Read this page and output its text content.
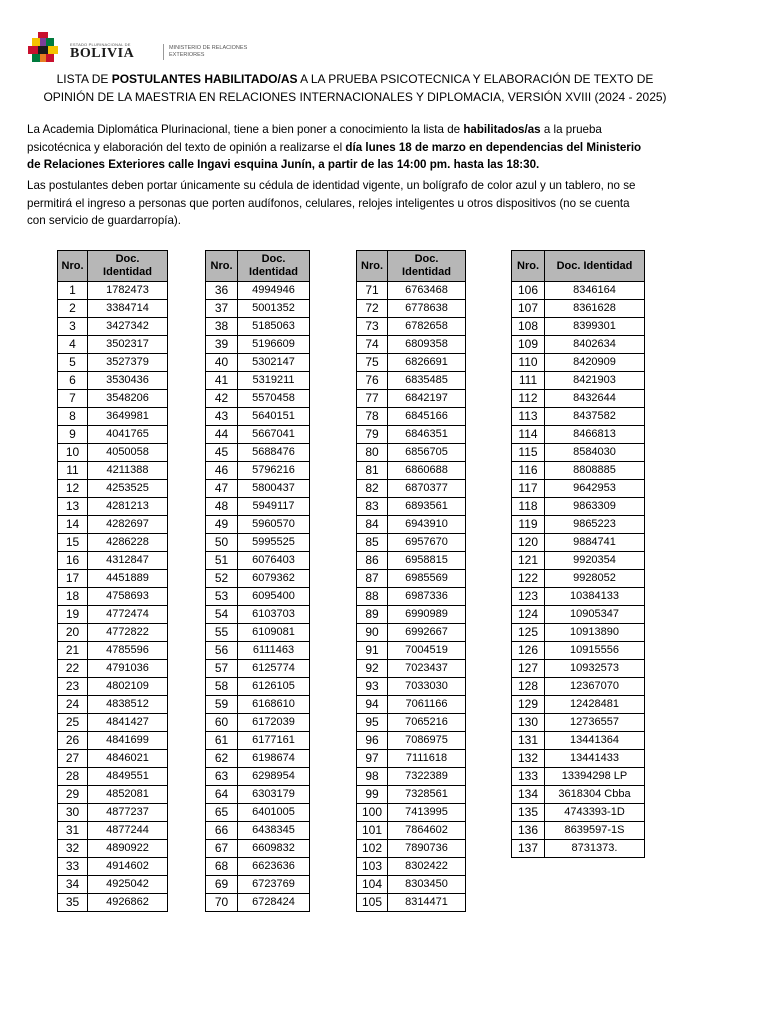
ESTADO PLURINACIONAL DE
BOLIVIA	MINISTERIO DE RELACIONES EXTERIORES
LISTA DE POSTULANTES HABILITADO/AS A LA PRUEBA PSICOTECNICA Y ELABORACIÓN DE TEXTO DE OPINIÓN DE LA MAESTRIA EN RELACIONES INTERNACIONALES Y DIPLOMACIA, VERSIÓN XVIII (2024 - 2025)
La Academia Diplomática Plurinacional, tiene a bien poner a conocimiento la lista de habilitados/as a la prueba psicotécnica y elaboración del texto de opinión a realizarse el día lunes 18 de marzo en dependencias del Ministerio de Relaciones Exteriores calle Ingavi esquina Junín, a partir de las 14:00 pm. hasta las 18:30.
Las postulantes deben portar únicamente su cédula de identidad vigente, un bolígrafo de color azul y un tablero, no se permitirá el ingreso a personas que porten audífonos, celulares, relojes inteligentes u otros dispositivos (no se cuenta con servicio de guardarropía).
Nro.	Doc. Identidad
1	1782473
2	3384714
3	3427342
4	3502317
5	3527379
6	3530436
7	3548206
8	3649981
9	4041765
10	4050058
11	4211388
12	4253525
13	4281213
14	4282697
15	4286228
16	4312847
17	4451889
18	4758693
19	4772474
20	4772822
21	4785596
22	4791036
23	4802109
24	4838512
25	4841427
26	4841699
27	4846021
28	4849551
29	4852081
30	4877237
31	4877244
32	4890922
33	4914602
34	4925042
35	4926862
Nro.	Doc. Identidad
36	4994946
37	5001352
38	5185063
39	5196609
40	5302147
41	5319211
42	5570458
43	5640151
44	5667041
45	5688476
46	5796216
47	5800437
48	5949117
49	5960570
50	5995525
51	6076403
52	6079362
53	6095400
54	6103703
55	6109081
56	6111463
57	6125774
58	6126105
59	6168610
60	6172039
61	6177161
62	6198674
63	6298954
64	6303179
65	6401005
66	6438345
67	6609832
68	6623636
69	6723769
70	6728424
Nro.	Doc. Identidad
71	6763468
72	6778638
73	6782658
74	6809358
75	6826691
76	6835485
77	6842197
78	6845166
79	6846351
80	6856705
81	6860688
82	6870377
83	6893561
84	6943910
85	6957670
86	6958815
87	6985569
88	6987336
89	6990989
90	6992667
91	7004519
92	7023437
93	7033030
94	7061166
95	7065216
96	7086975
97	7111618
98	7322389
99	7328561
100	7413995
101	7864602
102	7890736
103	8302422
104	8303450
105	8314471
Nro.	Doc. Identidad
106	8346164
107	8361628
108	8399301
109	8402634
110	8420909
111	8421903
112	8432644
113	8437582
114	8466813
115	8584030
116	8808885
117	9642953
118	9863309
119	9865223
120	9884741
121	9920354
122	9928052
123	10384133
124	10905347
125	10913890
126	10915556
127	10932573
128	12367070
129	12428481
130	12736557
131	13441364
132	13441433
133	13394298 LP
134	3618304 Cbba
135	4743393-1D
136	8639597-1S
137	8731373.
